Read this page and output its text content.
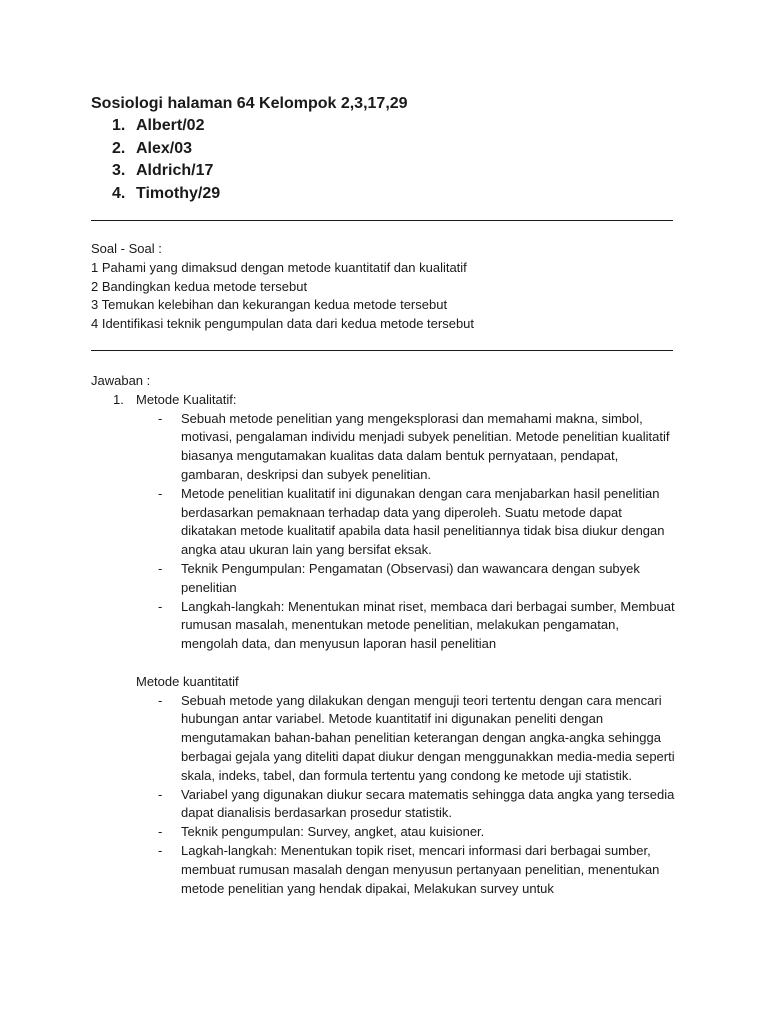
Sosiologi halaman 64 Kelompok 2,3,17,29
1. Albert/02
2. Alex/03
3. Aldrich/17
4. Timothy/29
Soal - Soal :
1 Pahami yang dimaksud dengan metode kuantitatif dan kualitatif
2 Bandingkan kedua metode tersebut
3 Temukan kelebihan dan kekurangan kedua metode tersebut
4 Identifikasi teknik pengumpulan data dari kedua metode tersebut
Jawaban :
1. Metode Kualitatif:
- Sebuah metode penelitian yang mengeksplorasi dan memahami makna, simbol, motivasi, pengalaman individu menjadi subyek penelitian. Metode penelitian kualitatif biasanya mengutamakan kualitas data dalam bentuk pernyataan, pendapat, gambaran, deskripsi dan subyek penelitian.
- Metode penelitian kualitatif ini digunakan dengan cara menjabarkan hasil penelitian berdasarkan pemaknaan terhadap data yang diperoleh. Suatu metode dapat dikatakan metode kualitatif apabila data hasil penelitiannya tidak bisa diukur dengan angka atau ukuran lain yang bersifat eksak.
- Teknik Pengumpulan: Pengamatan (Observasi) dan wawancara dengan subyek penelitian
- Langkah-langkah: Menentukan minat riset, membaca dari berbagai sumber, Membuat rumusan masalah, menentukan metode penelitian, melakukan pengamatan, mengolah data, dan menyusun laporan hasil penelitian
Metode kuantitatif
- Sebuah metode yang dilakukan dengan menguji teori tertentu dengan cara mencari hubungan antar variabel. Metode kuantitatif ini digunakan peneliti dengan mengutamakan bahan-bahan penelitian keterangan dengan angka-angka sehingga berbagai gejala yang diteliti dapat diukur dengan menggunakkan media-media seperti skala, indeks, tabel, dan formula tertentu yang condong ke metode uji statistik.
- Variabel yang digunakan diukur secara matematis sehingga data angka yang tersedia dapat dianalisis berdasarkan prosedur statistik.
- Teknik pengumpulan: Survey, angket, atau kuisioner.
- Lagkah-langkah: Menentukan topik riset, mencari informasi dari berbagai sumber, membuat rumusan masalah dengan menyusun pertanyaan penelitian, menentukan metode penelitian yang hendak dipakai, Melakukan survey untuk
